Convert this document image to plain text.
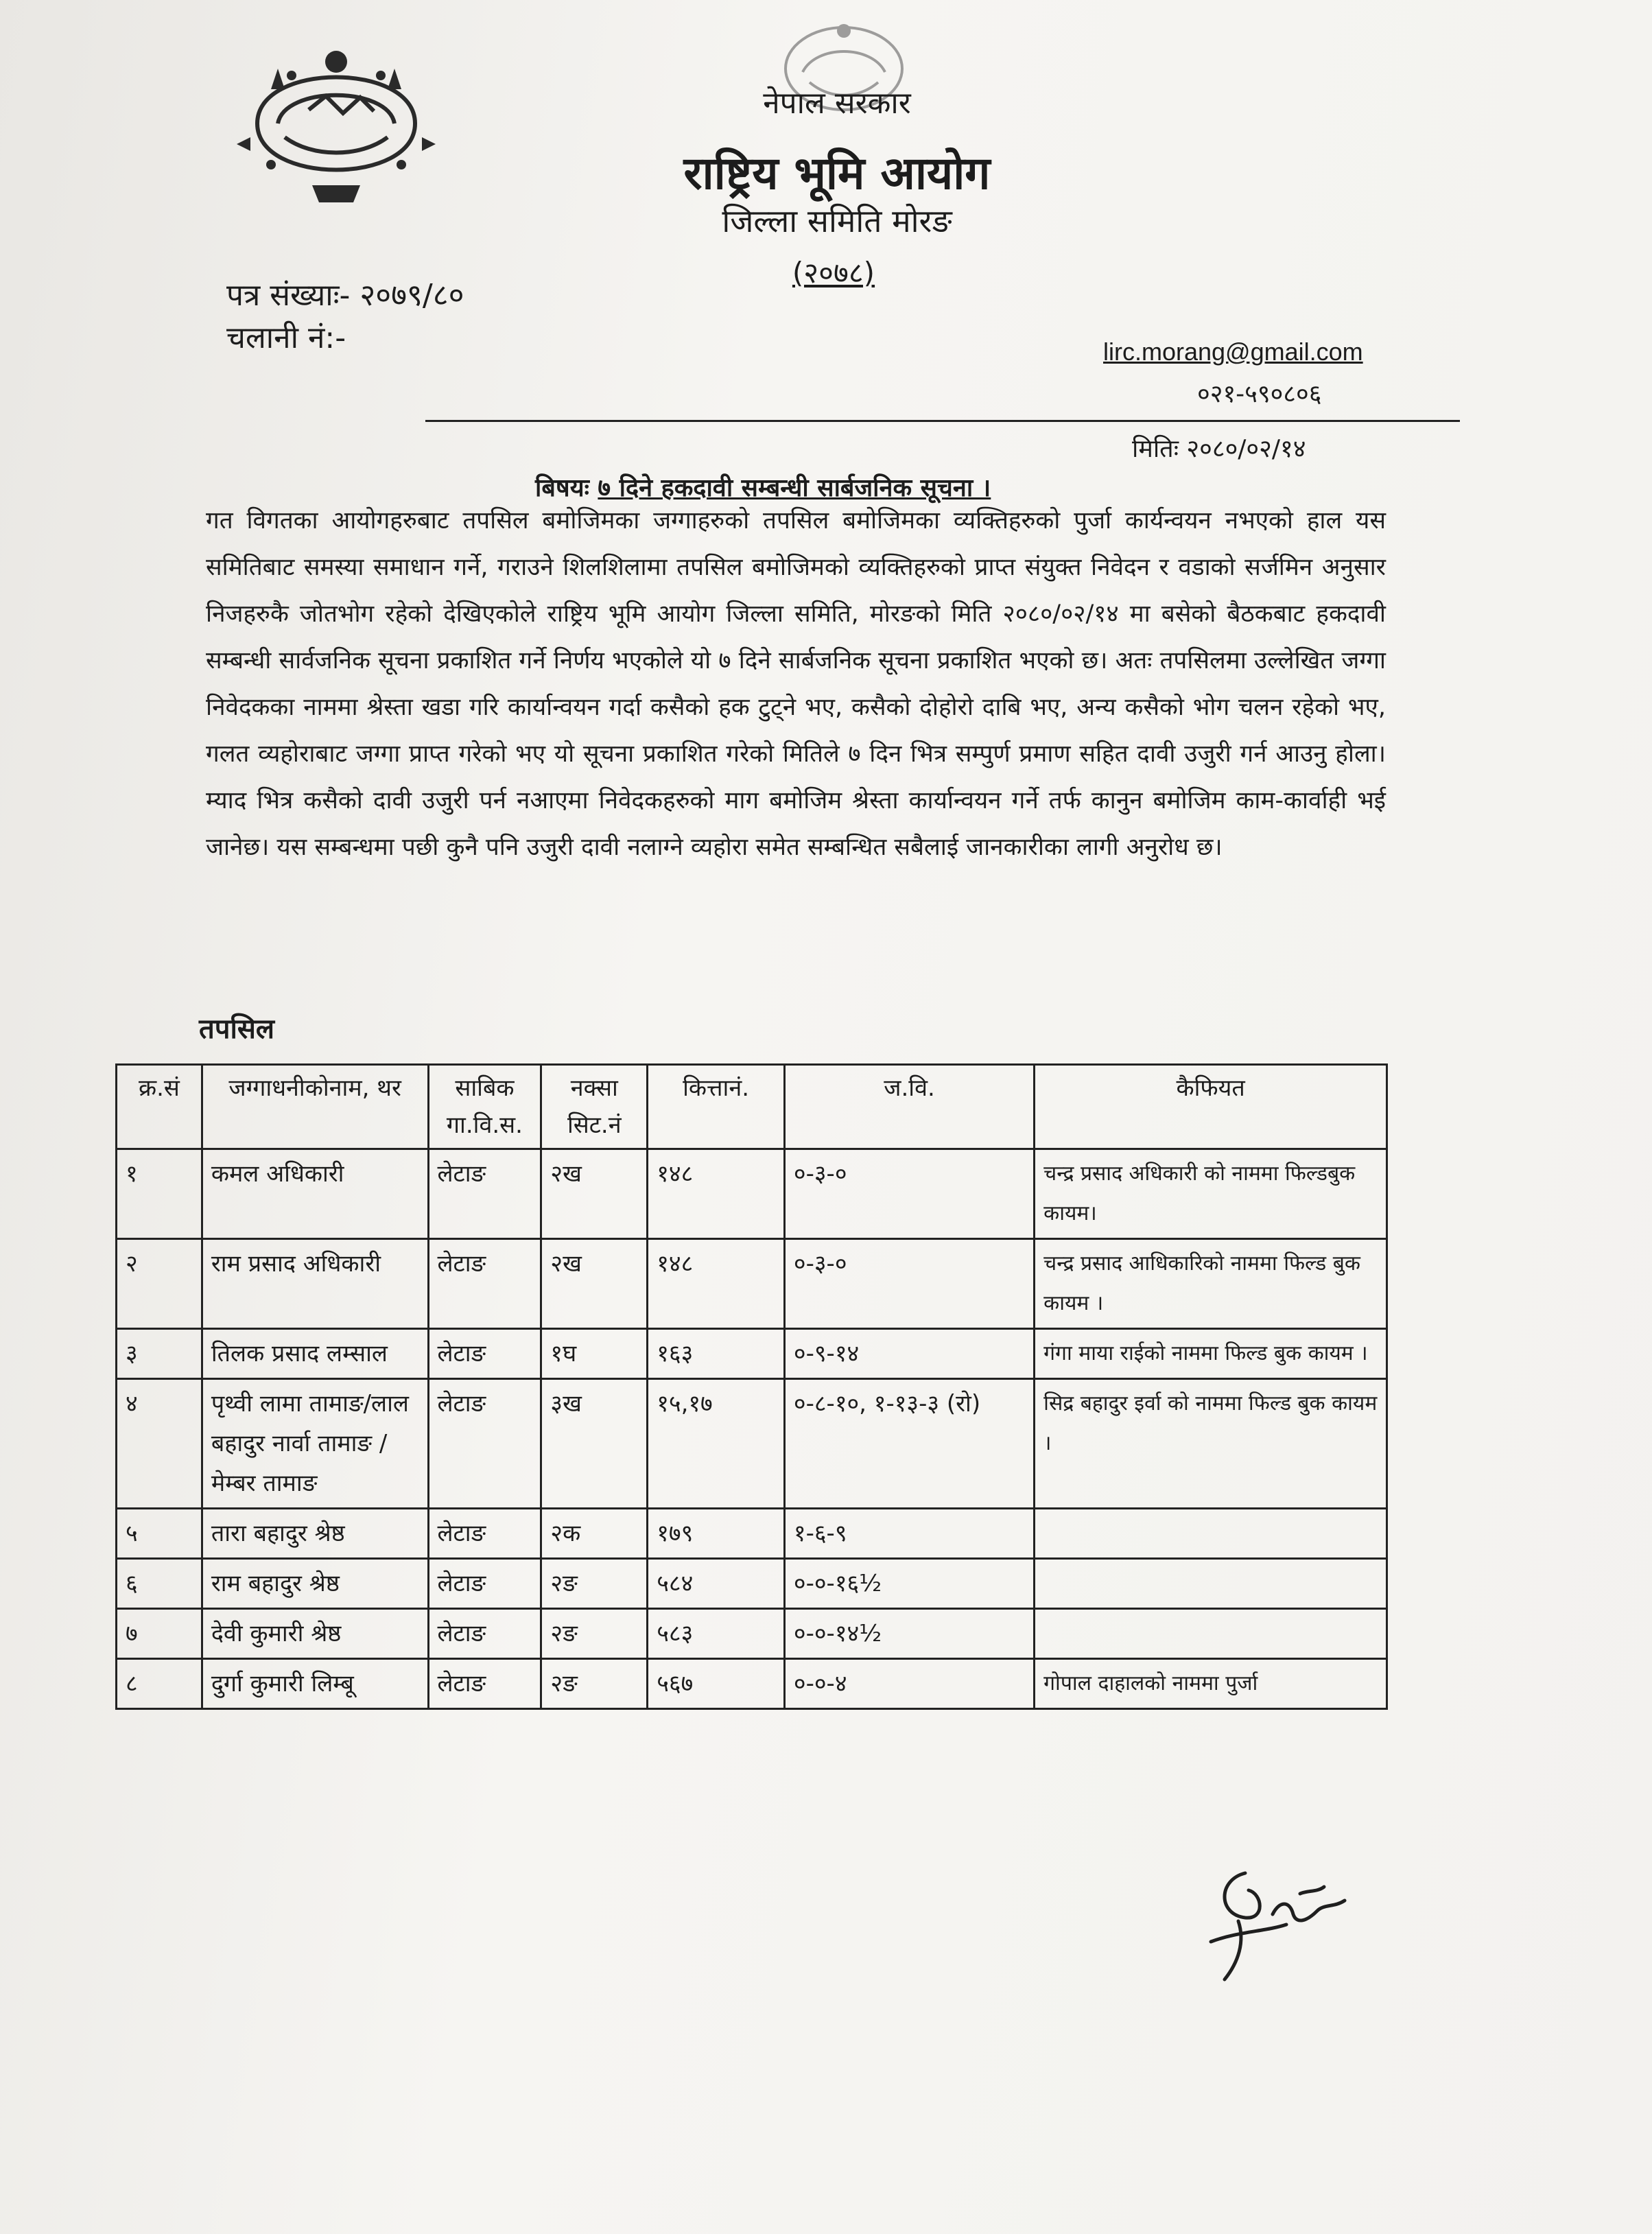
नेपाल सरकार
राष्ट्रिय भूमि आयोग
जिल्ला समिति मोरङ
(२०७८)
पत्र संख्याः- २०७९/८०
चलानी नं:-	lirc.morang@gmail.com
०२१-५९०८०६
मितिः २०८०/०२/१४
बिषयः ७ दिने हकदावी सम्बन्धी सार्बजनिक सूचना ।
गत विगतका आयोगहरुबाट तपसिल बमोजिमका जग्गाहरुको तपसिल बमोजिमका व्यक्तिहरुको पुर्जा कार्यन्वयन नभएको हाल यस समितिबाट समस्या समाधान गर्ने, गराउने शिलशिलामा तपसिल बमोजिमको व्यक्तिहरुको प्राप्त संयुक्त निवेदन र वडाको सर्जमिन अनुसार निजहरुकै जोतभोग रहेको देखिएकोले राष्ट्रिय भूमि आयोग जिल्ला समिति, मोरङको मिति २०८०/०२/१४ मा बसेको बैठकबाट हकदावी सम्बन्धी सार्वजनिक सूचना प्रकाशित गर्ने निर्णय भएकोले यो ७ दिने सार्बजनिक सूचना प्रकाशित भएको छ। अतः तपसिलमा उल्लेखित जग्गा निवेदकका नाममा श्रेस्ता खडा गरि कार्यान्वयन गर्दा कसैको हक टुट्ने भए, कसैको दोहोरो दाबि भए, अन्य कसैको भोग चलन रहेको भए, गलत व्यहोराबाट जग्गा प्राप्त गरेको भए यो सूचना प्रकाशित गरेको मितिले ७ दिन भित्र सम्पुर्ण प्रमाण सहित दावी उजुरी गर्न आउनु होला। म्याद भित्र कसैको दावी उजुरी पर्न नआएमा निवेदकहरुको माग बमोजिम श्रेस्ता कार्यान्वयन गर्ने तर्फ कानुन बमोजिम काम-कार्वाही भई जानेछ। यस सम्बन्धमा पछी कुनै पनि उजुरी दावी नलाग्ने व्यहोरा समेत सम्बन्धित सबैलाई जानकारीका लागी अनुरोध छ।
तपसिल
क्र.सं	जग्गाधनीकोनाम, थर	साबिक गा.वि.स.	नक्सा सिट.नं	कित्तानं.	ज.वि.	कैफियत
१	कमल अधिकारी	लेटाङ	२ख	१४८	०-३-०	चन्द्र प्रसाद अधिकारी को नाममा फिल्डबुक कायम।
२	राम प्रसाद अधिकारी	लेटाङ	२ख	१४८	०-३-०	चन्द्र प्रसाद आधिकारिको नाममा फिल्ड बुक कायम ।
३	तिलक प्रसाद लम्साल	लेटाङ	१घ	१६३	०-९-१४	गंगा माया राईको नाममा फिल्ड बुक कायम ।
४	पृथ्वी लामा तामाङ/लाल बहादुर नार्वा तामाङ /मेम्बर तामाङ	लेटाङ	३ख	१५,१७	०-८-१०, १-१३-३ (रो)	सिद्र बहादुर इर्वा को नाममा फिल्ड बुक कायम ।
५	तारा बहादुर श्रेष्ठ	लेटाङ	२क	१७९	१-६-९	
६	राम बहादुर श्रेष्ठ	लेटाङ	२ङ	५८४	०-०-१६½	
७	देवी कुमारी श्रेष्ठ	लेटाङ	२ङ	५८३	०-०-१४½	
८	दुर्गा कुमारी लिम्बू	लेटाङ	२ङ	५६७	०-०-४	गोपाल दाहालको नाममा पुर्जा
